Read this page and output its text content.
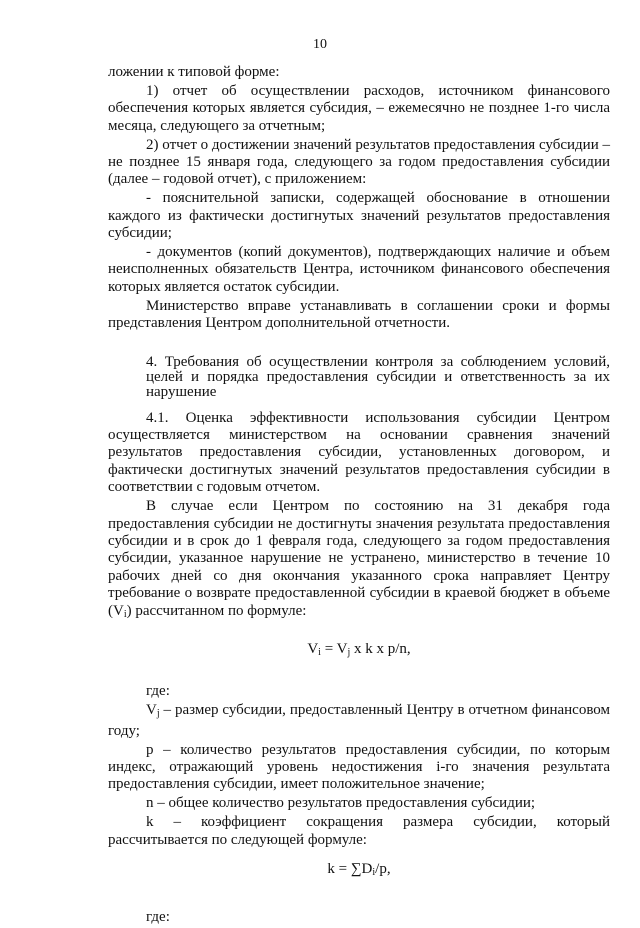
10

ложении к типовой форме:

1) отчет об осуществлении расходов, источником финансового обеспечения которых является субсидия, – ежемесячно не позднее 1-го числа месяца, следующего за отчетным;

2) отчет о достижении значений результатов предоставления субсидии – не позднее 15 января года, следующего за годом предоставления субсидии (далее – годовой отчет), с приложением:

- пояснительной записки, содержащей обоснование в отношении каждого из фактически достигнутых значений результатов предоставления субсидии;

- документов (копий документов), подтверждающих наличие и объем неисполненных обязательств Центра, источником финансового обеспечения которых является остаток субсидии.

Министерство вправе устанавливать в соглашении сроки и формы представления Центром дополнительной отчетности.

4. Требования об осуществлении контроля за соблюдением условий, целей и порядка предоставления субсидии и ответственность за их нарушение

4.1. Оценка эффективности использования субсидии Центром осуществляется министерством на основании сравнения значений результатов предоставления субсидии, установленных договором, и фактически достигнутых значений результатов предоставления субсидии в соответствии с годовым отчетом.

В случае если Центром по состоянию на 31 декабря года предоставления субсидии не достигнуты значения результата предоставления субсидии и в срок до 1 февраля года, следующего за годом предоставления субсидии, указанное нарушение не устранено, министерство в течение 10 рабочих дней со дня окончания указанного срока направляет Центру требование о возврате предоставленной субсидии в краевой бюджет в объеме $(V_i)$ рассчитанном по формуле:

$V_i = V_j$ x k x p/n,

где:

$V_j$ – размер субсидии, предоставленный Центру в отчетном финансовом году;

p – количество результатов предоставления субсидии, по которым индекс, отражающий уровень недостижения i-го значения результата предоставления субсидии, имеет положительное значение;

n – общее количество результатов предоставления субсидии;

k – коэффициент сокращения размера субсидии, который рассчитывается по следующей формуле:

$k = \sum D_i/p$,

где:
